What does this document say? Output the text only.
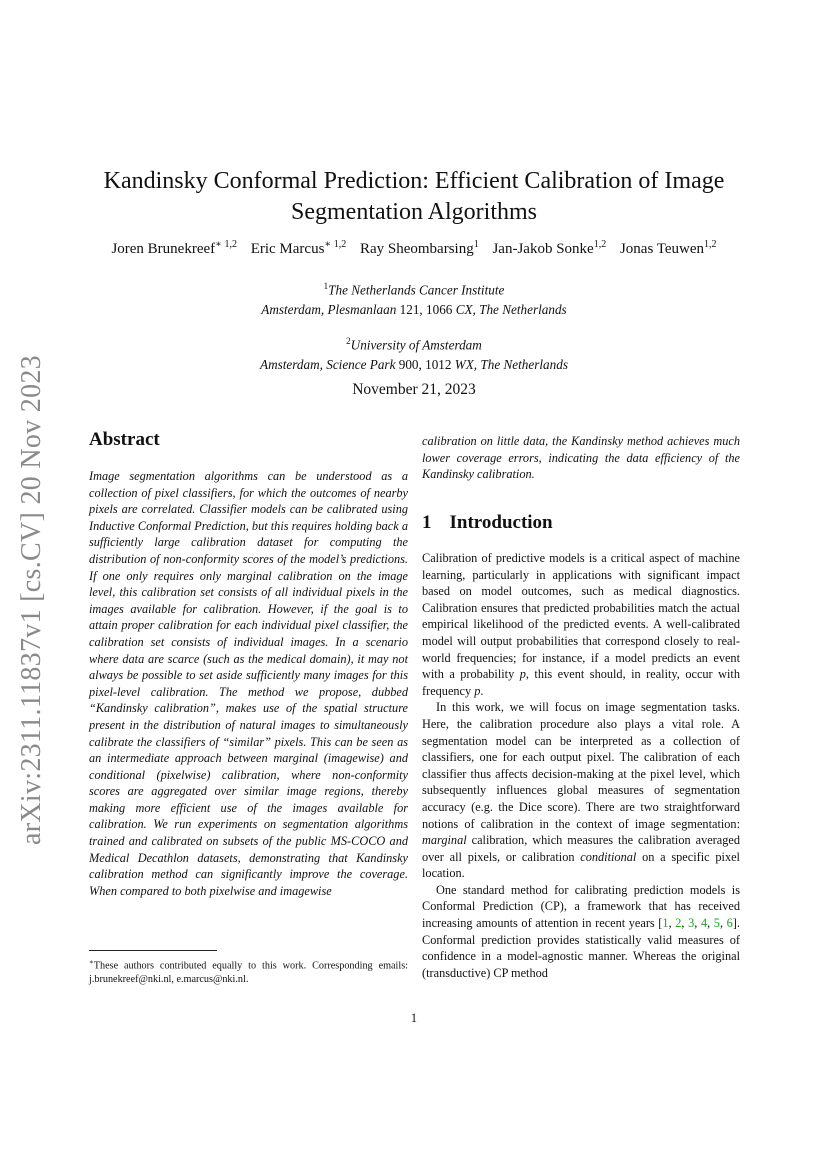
arXiv:2311.11837v1 [cs.CV] 20 Nov 2023
Kandinsky Conformal Prediction: Efficient Calibration of Image Segmentation Algorithms
Joren Brunekreef$^{∗ 1,2}$ Eric Marcus$^{∗ 1,2}$ Ray Sheombarsing$^1$ Jan-Jakob Sonke$^{1,2}$ Jonas Teuwen$^{1,2}$
$^1$The Netherlands Cancer Institute
Amsterdam, Plesmanlaan 121, 1066 CX, The Netherlands
$^2$University of Amsterdam
Amsterdam, Science Park 900, 1012 WX, The Netherlands
November 21, 2023
Abstract

Image segmentation algorithms can be understood as a collection of pixel classifiers, for which the outcomes of nearby pixels are correlated. Classifier models can be calibrated using Inductive Conformal Prediction, but this requires holding back a sufficiently large calibration dataset for computing the distribution of non-conformity scores of the model’s predictions. If one only requires only marginal calibration on the image level, this calibration set consists of all individual pixels in the images available for calibration. However, if the goal is to attain proper calibration for each individual pixel classifier, the calibration set consists of individual images. In a scenario where data are scarce (such as the medical domain), it may not always be possible to set aside sufficiently many images for this pixel-level calibration. The method we propose, dubbed “Kandinsky calibration”, makes use of the spatial structure present in the distribution of natural images to simultaneously calibrate the classifiers of “similar” pixels. This can be seen as an intermediate approach between marginal (imagewise) and conditional (pixelwise) calibration, where non-conformity scores are aggregated over similar image regions, thereby making more efficient use of the images available for calibration. We run experiments on segmentation algorithms trained and calibrated on subsets of the public MS-COCO and Medical Decathlon datasets, demonstrating that Kandinsky calibration method can significantly improve the coverage. When compared to both pixelwise and imagewise

∗These authors contributed equally to this work. Corresponding emails: j.brunekreef@nki.nl, e.marcus@nki.nl.

calibration on little data, the Kandinsky method achieves much lower coverage errors, indicating the data efficiency of the Kandinsky calibration.

1 Introduction

Calibration of predictive models is a critical aspect of machine learning, particularly in applications with significant impact based on model outcomes, such as medical diagnostics. Calibration ensures that predicted probabilities match the actual empirical likelihood of the predicted events. A well-calibrated model will output probabilities that correspond closely to real-world frequencies; for instance, if a model predicts an event with a probability p, this event should, in reality, occur with frequency p.

In this work, we will focus on image segmentation tasks. Here, the calibration procedure also plays a vital role. A segmentation model can be interpreted as a collection of classifiers, one for each output pixel. The calibration of each classifier thus affects decision-making at the pixel level, which subsequently influences global measures of segmentation accuracy (e.g. the Dice score). There are two straightforward notions of calibration in the context of image segmentation: marginal calibration, which measures the calibration averaged over all pixels, or calibration conditional on a specific pixel location.

One standard method for calibrating prediction models is Conformal Prediction (CP), a framework that has received increasing amounts of attention in recent years [1, 2, 3, 4, 5, 6]. Conformal prediction provides statistically valid measures of confidence in a model-agnostic manner. Whereas the original (transductive) CP method

1
